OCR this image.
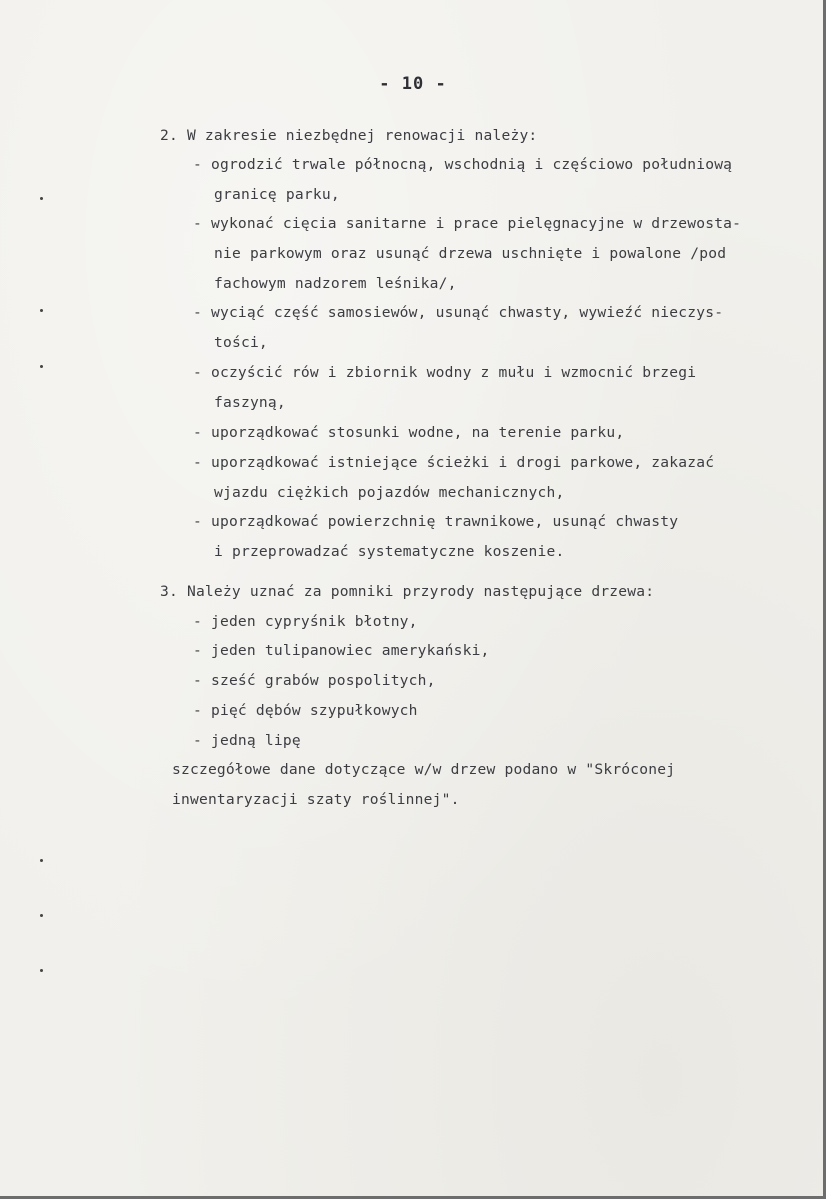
- 10 -
2. W zakresie niezbędnej renowacji należy:
- ogrodzić trwale północną, wschodnią i częściowo południową
granicę parku,
- wykonać cięcia sanitarne i prace pielęgnacyjne w drzewosta-
nie parkowym oraz usunąć drzewa uschnięte i powalone /pod
fachowym nadzorem leśnika/,
- wyciąć część samosiewów, usunąć chwasty, wywieźć nieczys-
tości,
- oczyścić rów i zbiornik wodny z mułu i wzmocnić brzegi
faszyną,
- uporządkować stosunki wodne, na terenie parku,
- uporządkować istniejące ścieżki i drogi parkowe, zakazać
wjazdu ciężkich pojazdów mechanicznych,
- uporządkować powierzchnię trawnikowe, usunąć chwasty
i przeprowadzać systematyczne koszenie.
3. Należy uznać za pomniki przyrody następujące drzewa:
- jeden cypryśnik błotny,
- jeden tulipanowiec amerykański,
- sześć grabów pospolitych,
- pięć dębów szypułkowych
- jedną lipę
szczegółowe dane dotyczące w/w drzew podano w "Skróconej
inwentaryzacji szaty roślinnej".
